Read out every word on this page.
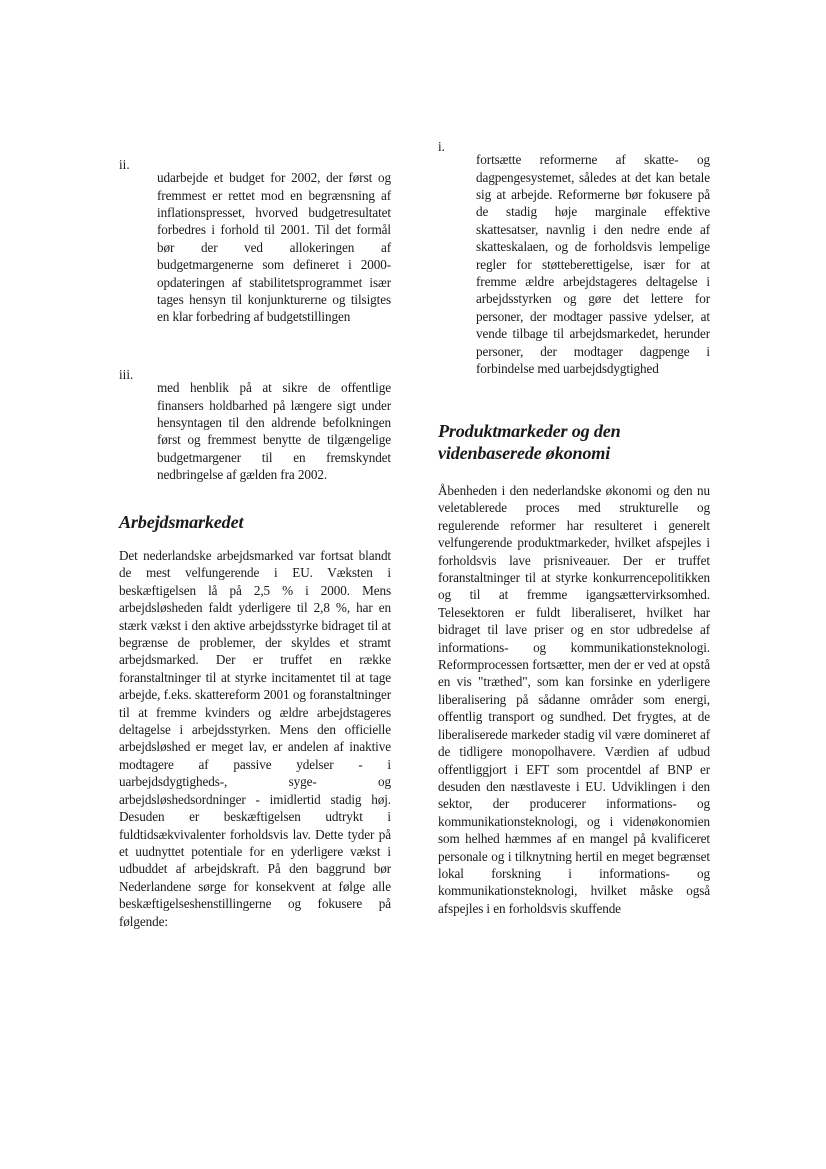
ii.

udarbejde et budget for 2002, der først og fremmest er rettet mod en begrænsning af inflationspresset, hvorved budgetresultatet forbedres i forhold til 2001. Til det formål bør der ved allokeringen af budgetmargenerne som defineret i 2000-opdateringen af stabilitetsprogrammet især tages hensyn til konjunkturerne og tilsigtes en klar forbedring af budgetstillingen

iii.

med henblik på at sikre de offentlige finansers holdbarhed på længere sigt under hensyntagen til den aldrende befolkningen først og fremmest benytte de tilgængelige budgetmargener til en fremskyndet nedbringelse af gælden fra 2002.

Arbejdsmarkedet

Det nederlandske arbejdsmarked var fortsat blandt de mest velfungerende i EU. Væksten i beskæftigelsen lå på 2,5 % i 2000. Mens arbejdsløsheden faldt yderligere til 2,8 %, har en stærk vækst i den aktive arbejdsstyrke bidraget til at begrænse de problemer, der skyldes et stramt arbejdsmarked. Der er truffet en række foranstaltninger til at styrke incitamentet til at tage arbejde, f.eks. skattereform 2001 og foranstaltninger til at fremme kvinders og ældre arbejdstageres deltagelse i arbejdsstyrken. Mens den officielle arbejdsløshed er meget lav, er andelen af inaktive modtagere af passive ydelser - i uarbejdsdygtigheds-, syge- og arbejdsløshedsordninger - imidlertid stadig høj. Desuden er beskæftigelsen udtrykt i fuldtidsækvivalenter forholdsvis lav. Dette tyder på et uudnyttet potentiale for en yderligere vækst i udbuddet af arbejdskraft. På den baggrund bør Nederlandene sørge for konsekvent at følge alle beskæftigelseshenstillingerne og fokusere på følgende:

i.

fortsætte reformerne af skatte- og dagpengesystemet, således at det kan betale sig at arbejde. Reformerne bør fokusere på de stadig høje marginale effektive skattesatser, navnlig i den nedre ende af skatteskalaen, og de forholdsvis lempelige regler for støtteberettigelse, især for at fremme ældre arbejdstageres deltagelse i arbejdsstyrken og gøre det lettere for personer, der modtager passive ydelser, at vende tilbage til arbejdsmarkedet, herunder personer, der modtager dagpenge i forbindelse med uarbejdsdygtighed

Produktmarkeder og den
videnbaserede økonomi

Åbenheden i den nederlandske økonomi og den nu veletablerede proces med strukturelle og regulerende reformer har resulteret i generelt velfungerende produktmarkeder, hvilket afspejles i forholdsvis lave prisniveauer. Der er truffet foranstaltninger til at styrke konkurrencepolitikken og til at fremme igangsættervirksomhed. Telesektoren er fuldt liberaliseret, hvilket har bidraget til lave priser og en stor udbredelse af informations- og kommunikationsteknologi. Reformprocessen fortsætter, men der er ved at opstå en vis "træthed", som kan forsinke en yderligere liberalisering på sådanne områder som energi, offentlig transport og sundhed. Det frygtes, at de liberaliserede markeder stadig vil være domineret af de tidligere monopolhavere. Værdien af udbud offentliggjort i EFT som procentdel af BNP er desuden den næstlaveste i EU. Udviklingen i den sektor, der producerer informations- og kommunikationsteknologi, og i videnøkonomien som helhed hæmmes af en mangel på kvalificeret personale og i tilknytning hertil en meget begrænset lokal forskning i informations- og kommunikationsteknologi, hvilket måske også afspejles i en forholdsvis skuffende
